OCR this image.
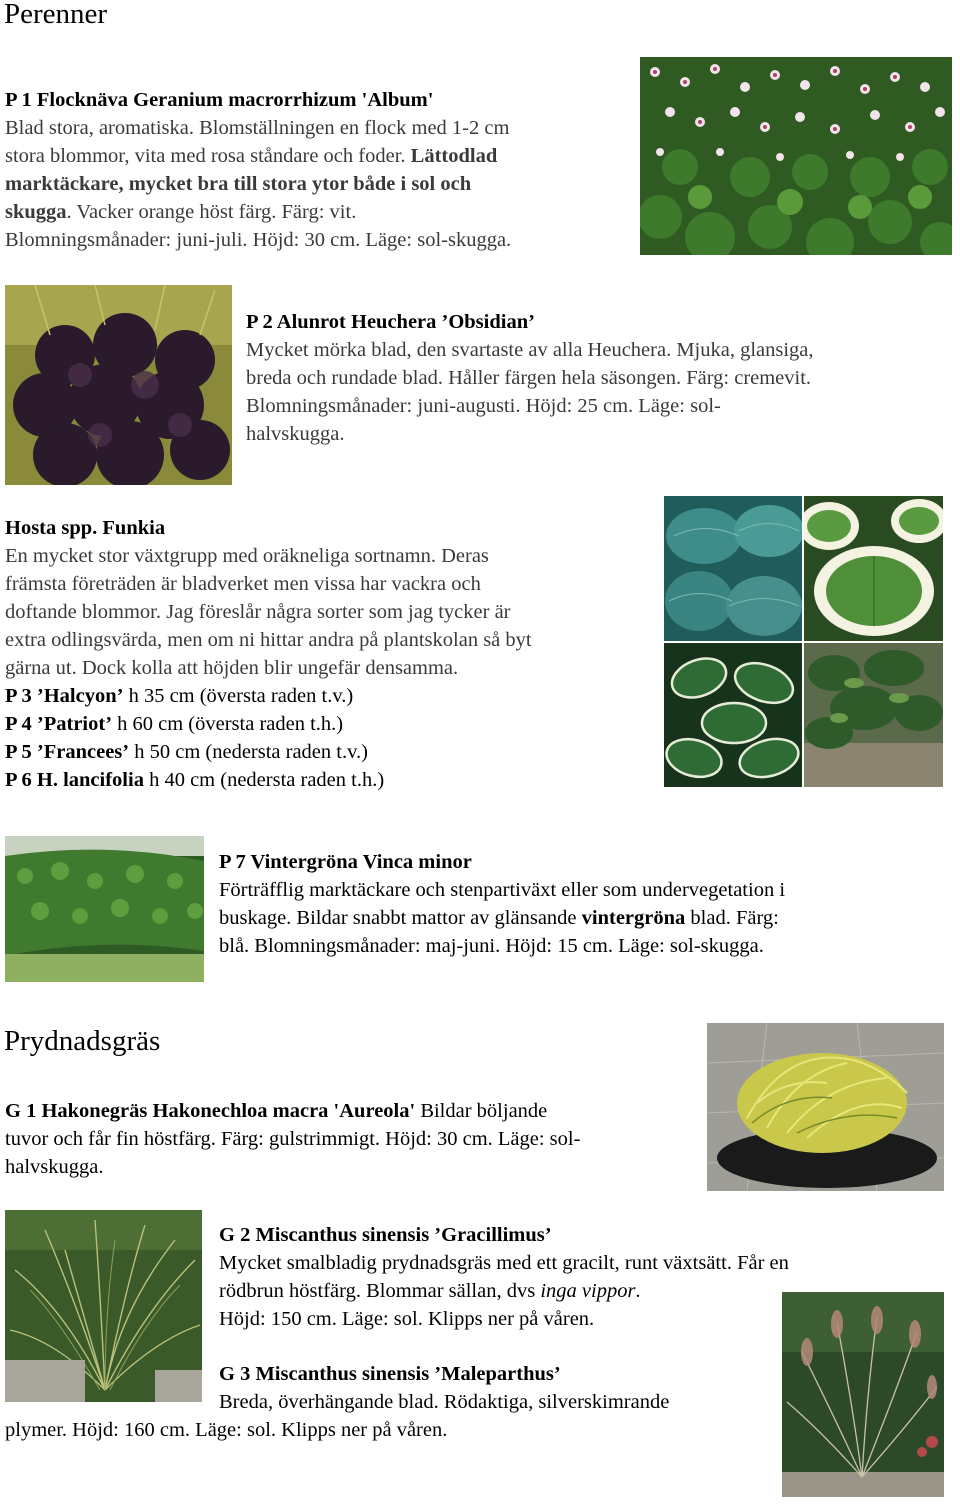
Perenner
P 1 Flocknäva Geranium macrorrhizum 'Album'
Blad stora, aromatiska. Blomställningen en flock med 1-2 cm
stora blommor, vita med rosa ståndare och foder. Lättodlad
marktäckare, mycket bra till stora ytor både i sol och
skugga. Vacker orange höst färg. Färg: vit.
Blomningsmånader: juni-juli. Höjd: 30 cm. Läge: sol-skugga.
P 2 Alunrot Heuchera ’Obsidian’
Mycket mörka blad, den svartaste av alla Heuchera. Mjuka, glansiga,
breda och rundade blad. Håller färgen hela säsongen. Färg: cremevit.
Blomningsmånader: juni-augusti. Höjd: 25 cm. Läge: sol-
halvskugga.
Hosta spp. Funkia
En mycket stor växtgrupp med oräkneliga sortnamn. Deras
främsta företräden är bladverket men vissa har vackra och
doftande blommor. Jag föreslår några sorter som jag tycker är
extra odlingsvärda, men om ni hittar andra på plantskolan så byt
gärna ut. Dock kolla att höjden blir ungefär densamma.
P 3 ’Halcyon’ h 35 cm (översta raden t.v.)
P 4 ’Patriot’ h 60 cm (översta raden t.h.)
P 5 ’Francees’ h 50 cm (nedersta raden t.v.)
P 6 H. lancifolia h 40 cm (nedersta raden t.h.)
P 7 Vintergröna Vinca minor
Förträfflig marktäckare och stenpartiväxt eller som undervegetation i
buskage. Bildar snabbt mattor av glänsande vintergröna blad. Färg:
blå. Blomningsmånader: maj-juni. Höjd: 15 cm. Läge: sol-skugga.
Prydnadsgräs
G 1 Hakonegräs Hakonechloa macra 'Aureola' Bildar böljande
tuvor och får fin höstfärg. Färg: gulstrimmigt. Höjd: 30 cm. Läge: sol-
halvskugga.
G 2 Miscanthus sinensis ’Gracillimus’
Mycket smalbladig prydnadsgräs med ett gracilt, runt växtsätt. Får en
rödbrun höstfärg. Blommar sällan, dvs inga vippor.
Höjd: 150 cm. Läge: sol. Klipps ner på våren.
G 3 Miscanthus sinensis ’Maleparthus’
Breda, överhängande blad. Rödaktiga, silverskimrande
plymer. Höjd: 160 cm. Läge: sol. Klipps ner på våren.
